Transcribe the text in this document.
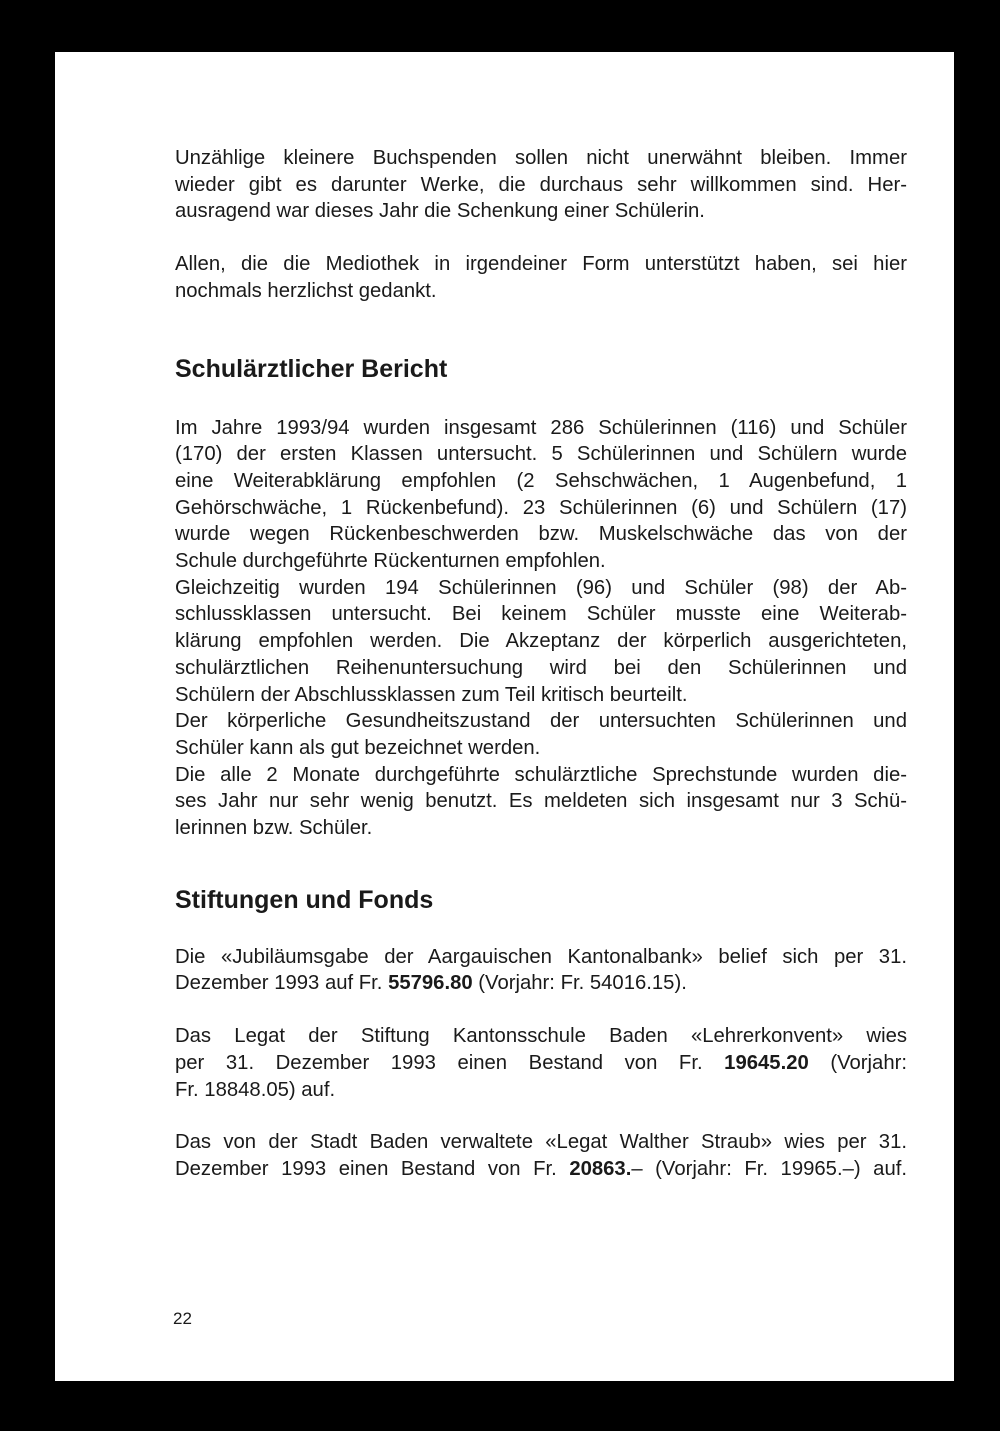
Unzählige kleinere Buchspenden sollen nicht unerwähnt bleiben. Immer
wieder gibt es darunter Werke, die durchaus sehr willkommen sind. Her-
ausragend war dieses Jahr die Schenkung einer Schülerin.

Allen, die die Mediothek in irgendeiner Form unterstützt haben, sei hier
nochmals herzlichst gedankt.

Schulärztlicher Bericht

Im Jahre 1993/94 wurden insgesamt 286 Schülerinnen (116) und Schüler
(170) der ersten Klassen untersucht. 5 Schülerinnen und Schülern wurde
eine Weiterabklärung empfohlen (2 Sehschwächen, 1 Augenbefund, 1
Gehörschwäche, 1 Rückenbefund). 23 Schülerinnen (6) und Schülern (17)
wurde wegen Rückenbeschwerden bzw. Muskelschwäche das von der
Schule durchgeführte Rückenturnen empfohlen.
Gleichzeitig wurden 194 Schülerinnen (96) und Schüler (98) der Ab-
schlussklassen untersucht. Bei keinem Schüler musste eine Weiterab-
klärung empfohlen werden. Die Akzeptanz der körperlich ausgerichteten,
schulärztlichen Reihenuntersuchung wird bei den Schülerinnen und
Schülern der Abschlussklassen zum Teil kritisch beurteilt.
Der körperliche Gesundheitszustand der untersuchten Schülerinnen und
Schüler kann als gut bezeichnet werden.
Die alle 2 Monate durchgeführte schulärztliche Sprechstunde wurden die-
ses Jahr nur sehr wenig benutzt. Es meldeten sich insgesamt nur 3 Schü-
lerinnen bzw. Schüler.

Stiftungen und Fonds

Die «Jubiläumsgabe der Aargauischen Kantonalbank» belief sich per 31.
Dezember 1993 auf Fr. 55796.80 (Vorjahr: Fr. 54016.15).

Das Legat der Stiftung Kantonsschule Baden «Lehrerkonvent» wies
per 31. Dezember 1993 einen Bestand von Fr. 19645.20 (Vorjahr:
Fr. 18848.05) auf.

Das von der Stadt Baden verwaltete «Legat Walther Straub» wies per 31.
Dezember 1993 einen Bestand von Fr. 20863.– (Vorjahr: Fr. 19965.–) auf.

22
